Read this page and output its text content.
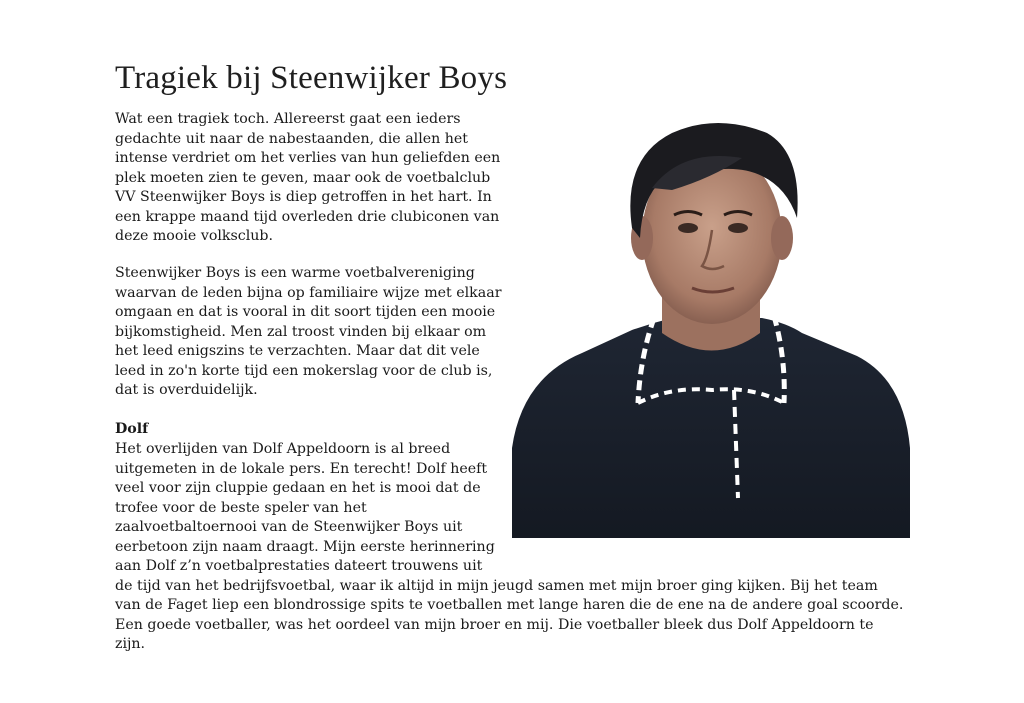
Tragiek bij Steenwijker Boys
Wat een tragiek toch. Allereerst gaat een ieders
gedachte uit naar de nabestaanden, die allen het
intense verdriet om het verlies van hun geliefden een
plek moeten zien te geven, maar ook de voetbalclub
VV Steenwijker Boys is diep getroffen in het hart. In
een krappe maand tijd overleden drie clubiconen van
deze mooie volksclub.
Steenwijker Boys is een warme voetbalvereniging
waarvan de leden bijna op familiaire wijze met elkaar
omgaan en dat is vooral in dit soort tijden een mooie
bijkomstigheid. Men zal troost vinden bij elkaar om
het leed enigszins te verzachten. Maar dat dit vele
leed in zo'n korte tijd een mokerslag voor de club is,
dat is overduidelijk.
Dolf
Het overlijden van Dolf Appeldoorn is al breed
uitgemeten in de lokale pers. En terecht! Dolf heeft
veel voor zijn cluppie gedaan en het is mooi dat de
trofee voor de beste speler van het
zaalvoetbaltoernooi van de Steenwijker Boys uit
eerbetoon zijn naam draagt. Mijn eerste herinnering
aan Dolf z’n voetbalprestaties dateert trouwens uit
de tijd van het bedrijfsvoetbal, waar ik altijd in mijn jeugd samen met mijn broer ging kijken. Bij het team
van de Faget liep een blondrossige spits te voetballen met lange haren die de ene na de andere goal scoorde.
Een goede voetballer, was het oordeel van mijn broer en mij. Die voetballer bleek dus Dolf Appeldoorn te
zijn.
